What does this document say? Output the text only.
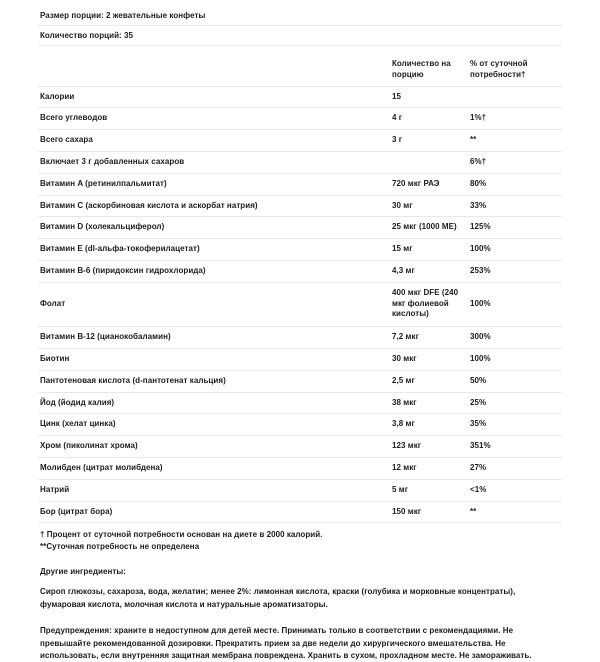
Размер порции: 2 жевательные конфеты
Количество порций: 35
	Количество на порцию	% от суточной потребности†
Калории	15	
Всего углеводов	4 г	1%†
Всего сахара	3 г	**
Включает 3 г добавленных сахаров		6%†
Витамин A (ретинилпальмитат)	720 мкг РАЭ	80%
Витамин C (аскорбиновая кислота и аскорбат натрия)	30 мг	33%
Витамин D (холекальциферол)	25 мкг (1000 МЕ)	125%
Витамин E (dl-альфа-токоферилацетат)	15 мг	100%
Витамин B-6 (пиридоксин гидрохлорида)	4,3 мг	253%
Фолат	400 мкг DFE (240 мкг фолиевой кислоты)	100%
Витамин B-12 (цианокобаламин)	7,2 мкг	300%
Биотин	30 мкг	100%
Пантотеновая кислота (d-пантотенат кальция)	2,5 мг	50%
Йод (йодид калия)	38 мкг	25%
Цинк (хелат цинка)	3,8 мг	35%
Хром (пиколинат хрома)	123 мкг	351%
Молибден (цитрат молибдена)	12 мкг	27%
Натрий	5 мг	<1%
Бор (цитрат бора)	150 мкг	**
† Процент от суточной потребности основан на диете в 2000 калорий.
**Суточная потребность не определена
Другие ингредиенты:
Сироп глюкозы, сахароза, вода, желатин; менее 2%: лимонная кислота, краски (голубика и морковные концентраты), фумаровая кислота, молочная кислота и натуральные ароматизаторы.
Предупреждения: храните в недоступном для детей месте. Принимать только в соответствии с рекомендациями. Не превышайте рекомендованной дозировки. Прекратить прием за две недели до хирургического вмешательства. Не использовать, если внутренняя защитная мембрана повреждена. Хранить в сухом, прохладном месте. Не замораживать.
